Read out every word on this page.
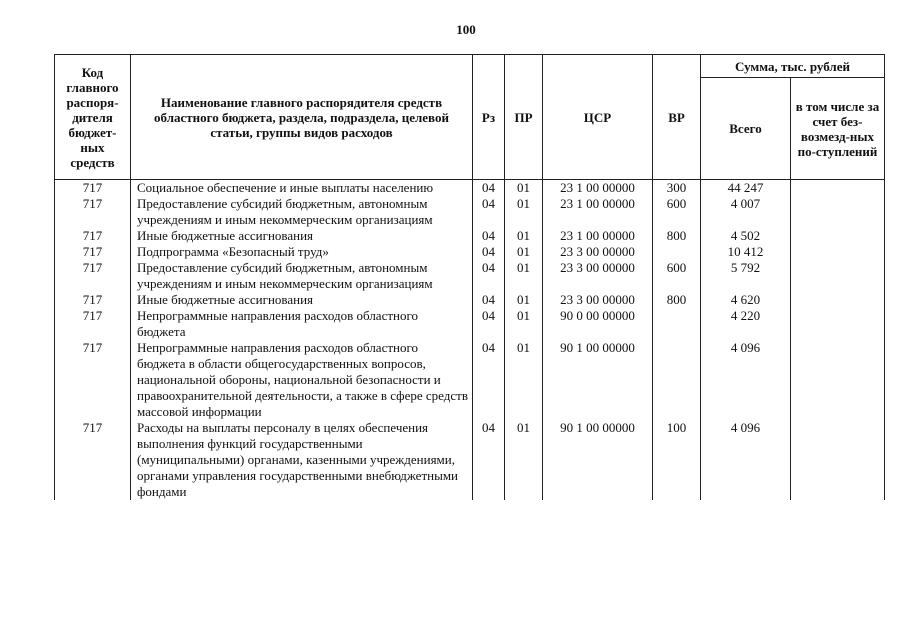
100
Код главного распоря-дителя бюджет-ных средств	Наименование главного распорядителя средств областного бюджета, раздела, подраздела, целевой статьи, группы видов расходов	Рз	ПР	ЦСР	ВР	Сумма, тыс. рублей	
						Всего	в том числе за счет без-возмезд-ных по-ступлений
717	Социальное обеспечение и иные выплаты населению	04	01	23 1 00 00000	300	44 247	
717	Предоставление субсидий бюджетным, автономным учреждениям и иным некоммерческим организациям	04	01	23 1 00 00000	600	4 007	
717	Иные бюджетные ассигнования	04	01	23 1 00 00000	800	4 502	
717	Подпрограмма «Безопасный труд»	04	01	23 3 00 00000		10 412	
717	Предоставление субсидий бюджетным, автономным учреждениям и иным некоммерческим организациям	04	01	23 3 00 00000	600	5 792	
717	Иные бюджетные ассигнования	04	01	23 3 00 00000	800	4 620	
717	Непрограммные направления расходов областного бюджета	04	01	90 0 00 00000		4 220	
717	Непрограммные направления расходов областного бюджета в области общегосударственных вопросов, национальной обороны, национальной безопасности и правоохранительной деятельности, а также в сфере средств массовой информации	04	01	90 1 00 00000		4 096	
717	Расходы на выплаты персоналу в целях обеспечения выполнения функций государственными (муниципальными) органами, казенными учреждениями, органами управления государственными внебюджетными фондами	04	01	90 1 00 00000	100	4 096	
